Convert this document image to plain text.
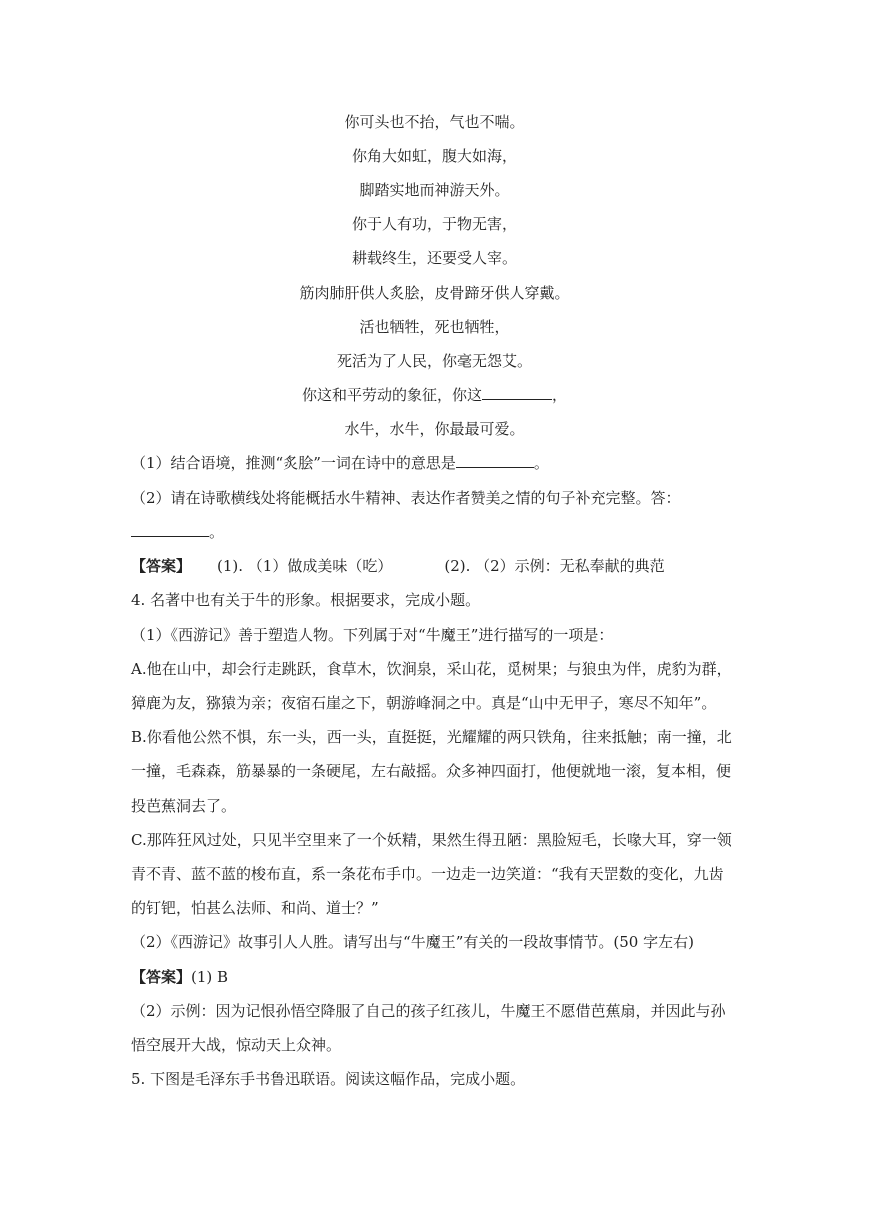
你可头也不抬，气也不喘。
你角大如虹，腹大如海，
脚踏实地而神游天外。
你于人有功，于物无害，
耕载终生，还要受人宰。
筋肉肺肝供人炙脍，皮骨蹄牙供人穿戴。
活也牺牲，死也牺牲，
死活为了人民，你毫无怨艾。
你这和平劳动的象征，你这	，
水牛，水牛，你最最可爱。
（1）结合语境，推测“炙脍”一词在诗中的意思是	。
（2）请在诗歌横线处将能概括水牛精神、表达作者赞美之情的句子补充完整。答：
。
【答案】 (1). （1）做成美味（吃）	(2). （2）示例：无私奉献的典范
4. 名著中也有关于牛的形象。根据要求，完成小题。
（1）《西游记》善于塑造人物。下列属于对“牛魔王”进行描写的一项是：
A.他在山中，却会行走跳跃，食草木，饮涧泉，采山花，觅树果；与狼虫为伴，虎豹为群，
獐鹿为友，猕猿为亲；夜宿石崖之下，朝游峰洞之中。真是“山中无甲子，寒尽不知年”。
B.你看他公然不惧，东一头，西一头，直挺挺，光耀耀的两只铁角，往来抵触；南一撞，北
一撞，毛森森，筋暴暴的一条硬尾，左右敲摇。众多神四面打，他便就地一滚，复本相，便
投芭蕉洞去了。
C.那阵狂风过处，只见半空里来了一个妖精，果然生得丑陋：黑脸短毛，长喙大耳，穿一领
青不青、蓝不蓝的梭布直，系一条花布手巾。一边走一边笑道：“我有天罡数的变化，九齿
的钉钯，怕甚么法师、和尚、道士？”
（2）《西游记》故事引人人胜。请写出与“牛魔王”有关的一段故事情节。(50 字左右)
【答案】(1) B
（2）示例：因为记恨孙悟空降服了自己的孩子红孩儿，牛魔王不愿借芭蕉扇，并因此与孙
悟空展开大战，惊动天上众神。
5. 下图是毛泽东手书鲁迅联语。阅读这幅作品，完成小题。
